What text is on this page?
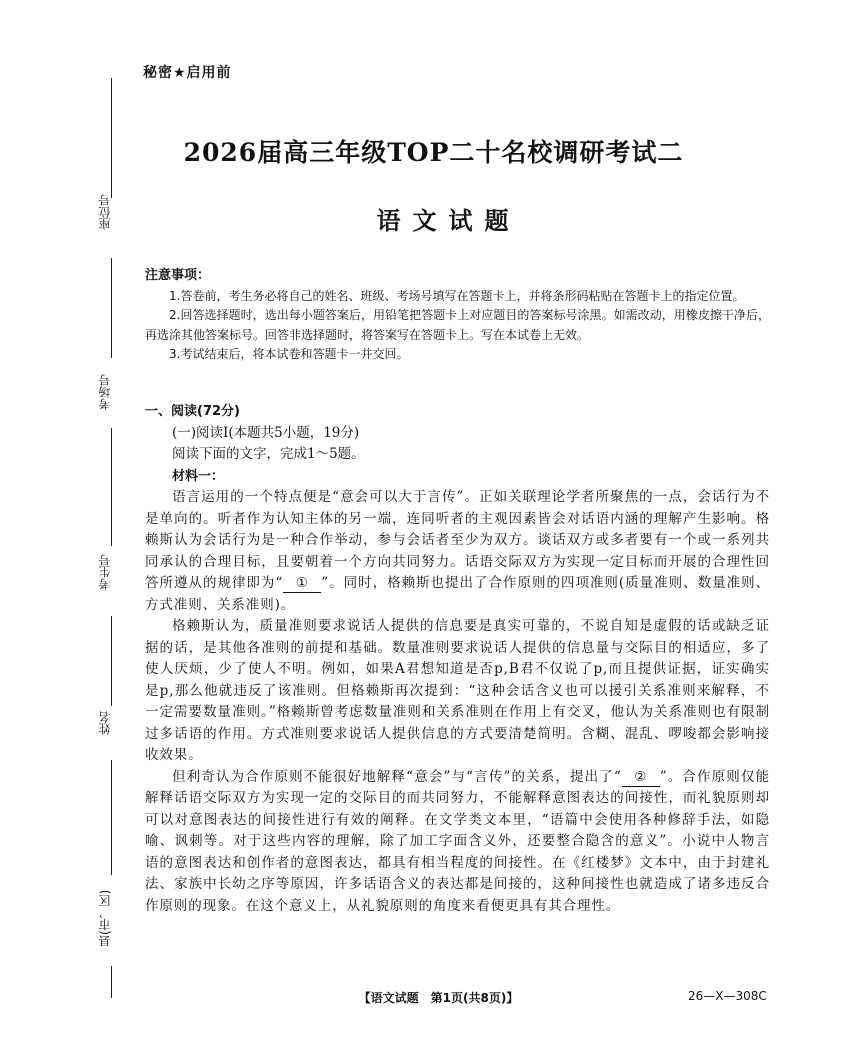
秘密★启用前
座位号
考场号
考生号
姓名
县(市、区)
2026届高三年级TOP二十名校调研考试二
语文试题
注意事项：
1.答卷前，考生务必将自己的姓名、班级、考场号填写在答题卡上，并将条形码粘贴在答题卡上的指定位置。
2.回答选择题时，选出每小题答案后，用铅笔把答题卡上对应题目的答案标号涂黑。如需改动，用橡皮擦干净后，再选涂其他答案标号。回答非选择题时，将答案写在答题卡上。写在本试卷上无效。
3.考试结束后，将本试卷和答题卡一并交回。
一、阅读(72分)
(一)阅读Ⅰ(本题共5小题，19分)
阅读下面的文字，完成1～5题。
材料一：

语言运用的一个特点便是“意会可以大于言传”。正如关联理论学者所聚焦的一点，会话行为不是单向的。听者作为认知主体的另一端，连同听者的主观因素皆会对话语内涵的理解产生影响。格赖斯认为会话行为是一种合作举动，参与会话者至少为双方。谈话双方或多者要有一个或一系列共同承认的合理目标，且要朝着一个方向共同努力。话语交际双方为实现一定目标而开展的合理性回答所遵从的规律即为“ ① ”。同时，格赖斯也提出了合作原则的四项准则(质量准则、数量准则、方式准则、关系准则)。

格赖斯认为，质量准则要求说话人提供的信息要是真实可靠的，不说自知是虚假的话或缺乏证据的话，是其他各准则的前提和基础。数量准则要求说话人提供的信息量与交际目的相适应，多了使人厌烦，少了使人不明。例如，如果A君想知道是否p,B君不仅说了p,而且提供证据，证实确实是p,那么他就违反了该准则。但格赖斯再次提到：“这种会话含义也可以援引关系准则来解释，不一定需要数量准则。”格赖斯曾考虑数量准则和关系准则在作用上有交叉，他认为关系准则也有限制过多话语的作用。方式准则要求说话人提供信息的方式要清楚简明。含糊、混乱、啰唆都会影响接收效果。

但利奇认为合作原则不能很好地解释“意会”与“言传”的关系，提出了“ ② ”。合作原则仅能解释话语交际双方为实现一定的交际目的而共同努力，不能解释意图表达的间接性，而礼貌原则却可以对意图表达的间接性进行有效的阐释。在文学类文本里，“语篇中会使用各种修辞手法，如隐喻、讽刺等。对于这些内容的理解，除了加工字面含义外，还要整合隐含的意义”。小说中人物言语的意图表达和创作者的意图表达，都具有相当程度的间接性。在《红楼梦》文本中，由于封建礼法、家族中长幼之序等原因，许多话语含义的表达都是间接的，这种间接性也就造成了诸多违反合作原则的现象。在这个意义上，从礼貌原则的角度来看便更具有其合理性。

【语文试题　第1页(共8页)】	26—X—308C
